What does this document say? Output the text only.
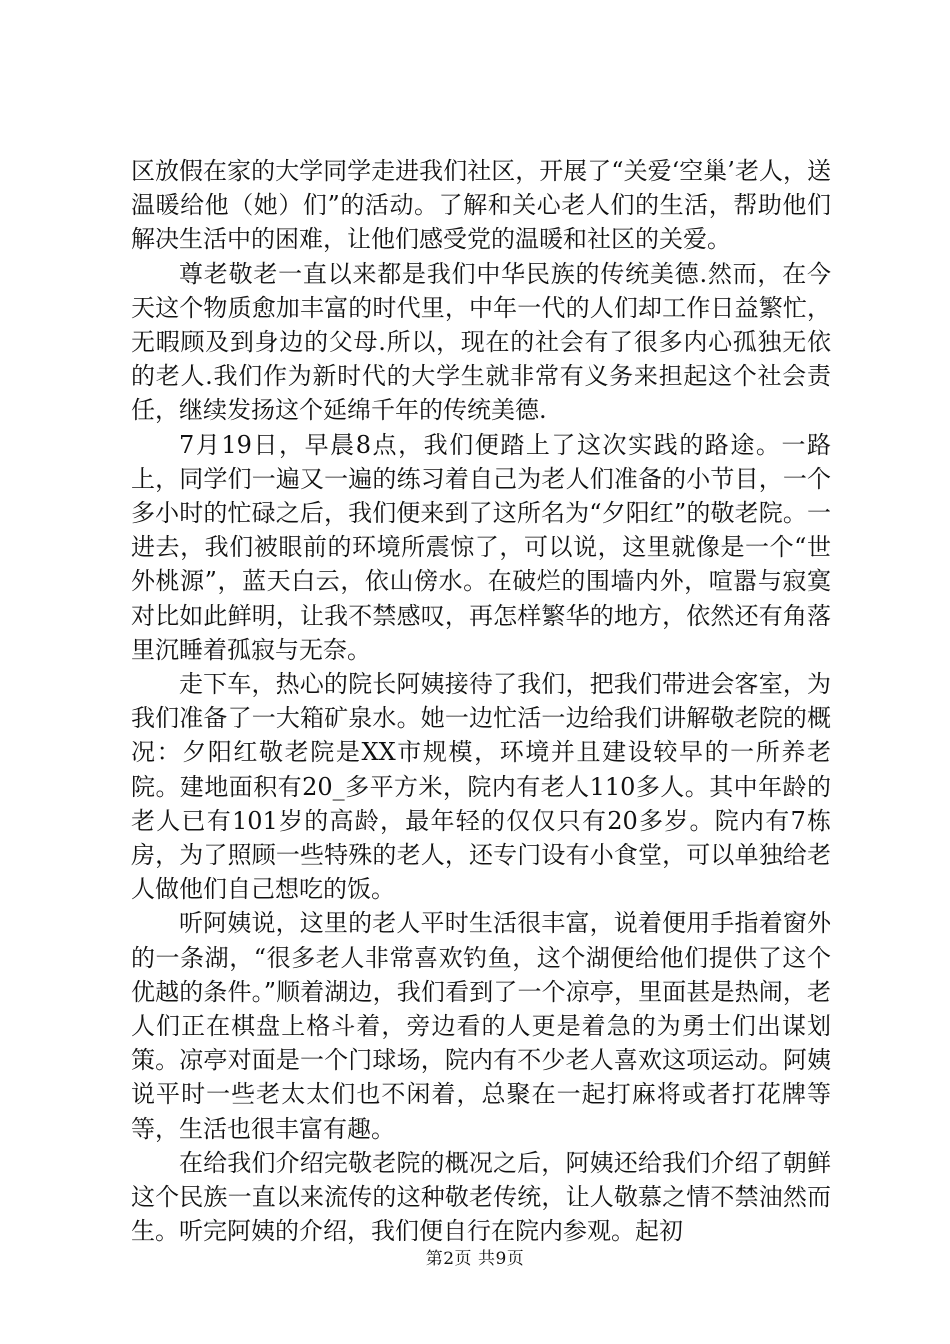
区放假在家的大学同学走进我们社区，开展了“关爱‘空巢’老人，送温暖给他（她）们”的活动。了解和关心老人们的生活，帮助他们解决生活中的困难，让他们感受党的温暖和社区的关爱。

尊老敬老一直以来都是我们中华民族的传统美德.然而，在今天这个物质愈加丰富的时代里，中年一代的人们却工作日益繁忙，无暇顾及到身边的父母.所以，现在的社会有了很多内心孤独无依的老人.我们作为新时代的大学生就非常有义务来担起这个社会责任，继续发扬这个延绵千年的传统美德.

7月19日，早晨8点，我们便踏上了这次实践的路途。一路上，同学们一遍又一遍的练习着自己为老人们准备的小节目，一个多小时的忙碌之后，我们便来到了这所名为“夕阳红”的敬老院。一进去，我们被眼前的环境所震惊了，可以说，这里就像是一个“世外桃源”，蓝天白云，依山傍水。在破烂的围墙内外，喧嚣与寂寞对比如此鲜明，让我不禁感叹，再怎样繁华的地方，依然还有角落里沉睡着孤寂与无奈。

走下车，热心的院长阿姨接待了我们，把我们带进会客室，为我们准备了一大箱矿泉水。她一边忙活一边给我们讲解敬老院的概况：夕阳红敬老院是XX市规模，环境并且建设较早的一所养老院。建地面积有20_多平方米，院内有老人110多人。其中年龄的老人已有101岁的高龄，最年轻的仅仅只有20多岁。院内有7栋房，为了照顾一些特殊的老人，还专门设有小食堂，可以单独给老人做他们自己想吃的饭。

听阿姨说，这里的老人平时生活很丰富，说着便用手指着窗外的一条湖，“很多老人非常喜欢钓鱼，这个湖便给他们提供了这个优越的条件。”顺着湖边，我们看到了一个凉亭，里面甚是热闹，老人们正在棋盘上格斗着，旁边看的人更是着急的为勇士们出谋划策。凉亭对面是一个门球场，院内有不少老人喜欢这项运动。阿姨说平时一些老太太们也不闲着，总聚在一起打麻将或者打花牌等等，生活也很丰富有趣。

在给我们介绍完敬老院的概况之后，阿姨还给我们介绍了朝鲜这个民族一直以来流传的这种敬老传统，让人敬慕之情不禁油然而生。听完阿姨的介绍，我们便自行在院内参观。起初

第2页 共9页
